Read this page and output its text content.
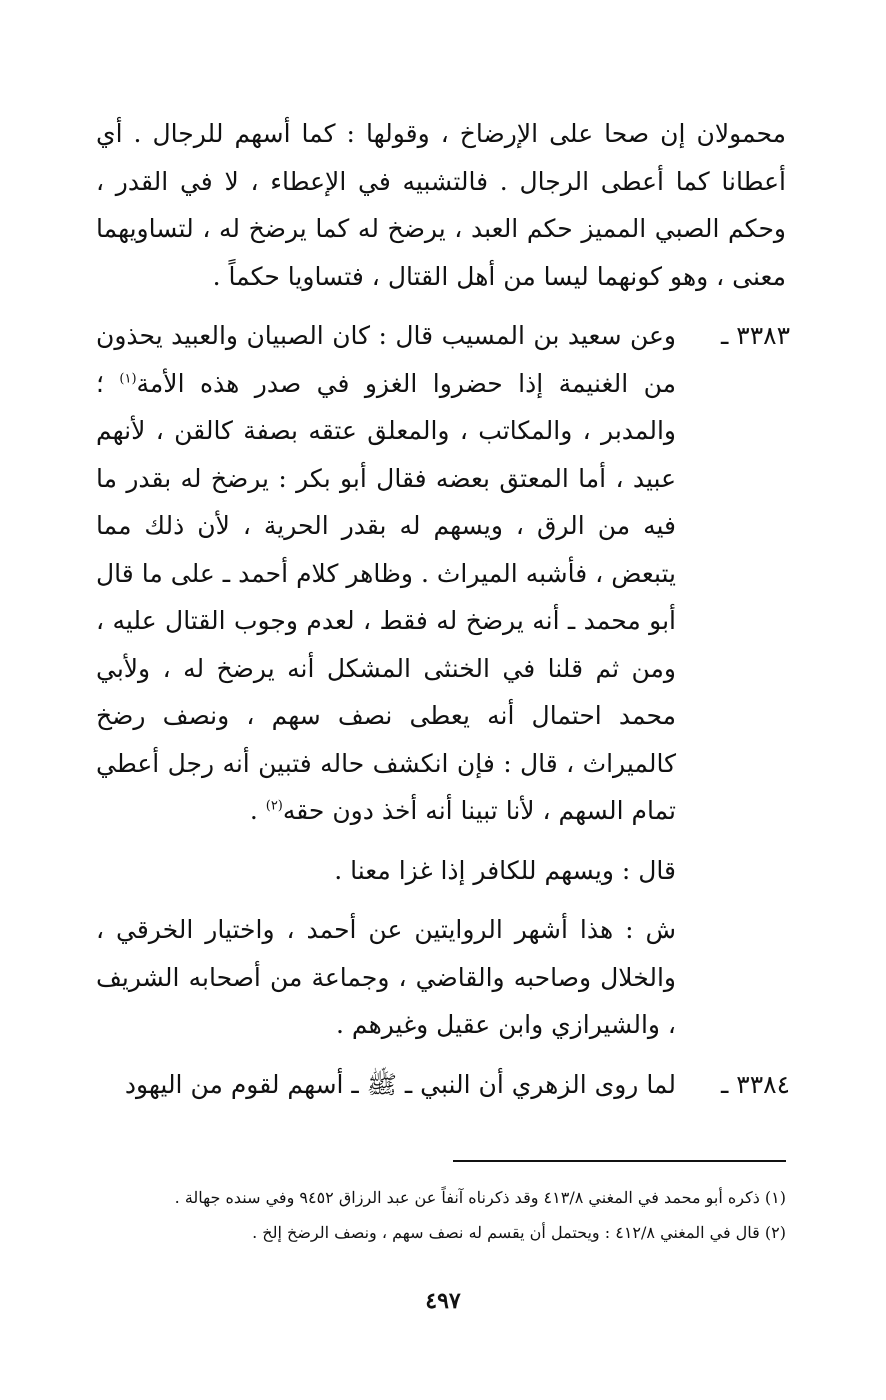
محمولان إن صحا على الإرضاخ ، وقولها : كما أسهم للرجال . أي أعطانا كما أعطى الرجال . فالتشبيه في الإعطاء ، لا في القدر ، وحكم الصبي المميز حكم العبد ، يرضخ له كما يرضخ له ، لتساويهما معنى ، وهو كونهما ليسا من أهل القتال ، فتساويا حكماً .

٣٣٨٣ ـ
وعن سعيد بن المسيب قال : كان الصبيان والعبيد يحذون من الغنيمة إذا حضروا الغزو في صدر هذه الأمة$^{(١)}$ ؛ والمدبر ، والمكاتب ، والمعلق عتقه بصفة كالقن ، لأنهم عبيد ، أما المعتق بعضه فقال أبو بكر : يرضخ له بقدر ما فيه من الرق ، ويسهم له بقدر الحرية ، لأن ذلك مما يتبعض ، فأشبه الميراث . وظاهر كلام أحمد ـ على ما قال أبو محمد ـ أنه يرضخ له فقط ، لعدم وجوب القتال عليه ، ومن ثم قلنا في الخنثى المشكل أنه يرضخ له ، ولأبي محمد احتمال أنه يعطى نصف سهم ، ونصف رضخ كالميراث ، قال : فإن انكشف حاله فتبين أنه رجل أعطي تمام السهم ، لأنا تبينا أنه أخذ دون حقه$^{(٢)}$ .

قال : ويسهم للكافر إذا غزا معنا .

ش : هذا أشهر الروايتين عن أحمد ، واختيار الخرقي ، والخلال وصاحبه والقاضي ، وجماعة من أصحابه الشريف ، والشيرازي وابن عقيل وغيرهم .

٣٣٨٤ ـ
لما روى الزهري أن النبي ـ ﷺ ـ أسهم لقوم من اليهود

(١) ذكره أبو محمد في المغني ٤١٣/٨ وقد ذكرناه آنفاً عن عبد الرزاق ٩٤٥٢ وفي سنده جهالة .

(٢) قال في المغني ٤١٢/٨ : ويحتمل أن يقسم له نصف سهم ، ونصف الرضخ إلخ .

٤٩٧
